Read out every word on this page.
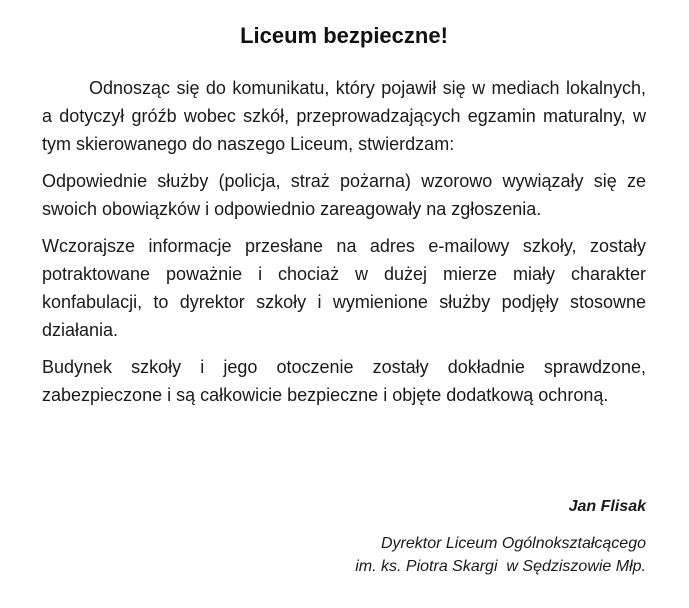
Liceum bezpieczne!

Odnosząc się do komunikatu, który pojawił się w mediach lokalnych, a dotyczył gróźb wobec szkół, przeprowadzających egzamin maturalny, w tym skierowanego do naszego Liceum, stwierdzam:

Odpowiednie służby (policja, straż pożarna) wzorowo wywiązały się ze swoich obowiązków i odpowiednio zareagowały na zgłoszenia.

Wczorajsze informacje przesłane na adres e-mailowy szkoły, zostały potraktowane poważnie i chociaż w dużej mierze miały charakter konfabulacji, to dyrektor szkoły i wymienione służby podjęły stosowne działania.

Budynek szkoły i jego otoczenie zostały dokładnie sprawdzone, zabezpieczone i są całkowicie bezpieczne i objęte dodatkową ochroną.

Jan Flisak
Dyrektor Liceum Ogólnokształcącego
im. ks. Piotra Skargi  w Sędziszowie Młp.
